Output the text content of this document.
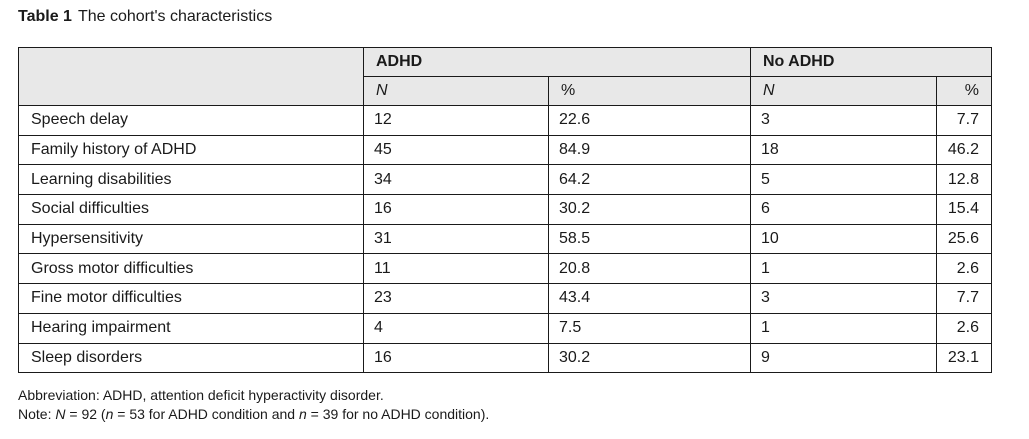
Table 1 The cohort's characteristics
	ADHD		No ADHD	
	N	%	N	%
Speech delay	12	22.6	3	7.7
Family history of ADHD	45	84.9	18	46.2
Learning disabilities	34	64.2	5	12.8
Social difficulties	16	30.2	6	15.4
Hypersensitivity	31	58.5	10	25.6
Gross motor difficulties	11	20.8	1	2.6
Fine motor difficulties	23	43.4	3	7.7
Hearing impairment	4	7.5	1	2.6
Sleep disorders	16	30.2	9	23.1
Abbreviation: ADHD, attention deficit hyperactivity disorder.
Note: N = 92 (n = 53 for ADHD condition and n = 39 for no ADHD condition).
